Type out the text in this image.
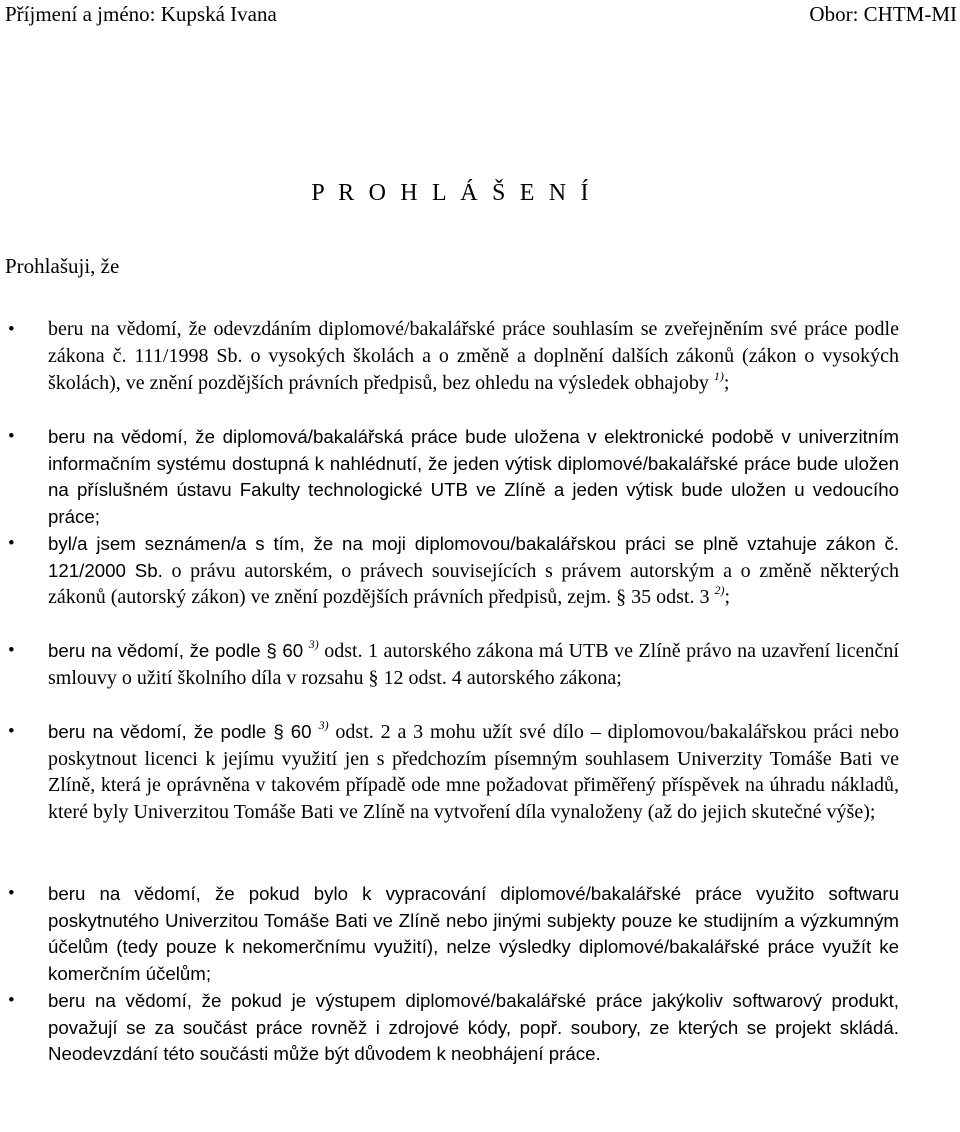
Příjmení a jméno: Kupská Ivana	Obor: CHTM-MI
P R O H L Á Š E N Í
Prohlašuji, že
• beru na vědomí, že odevzdáním diplomové/bakalářské práce souhlasím se zveřejněním své práce podle zákona č. 111/1998 Sb. o vysokých školách a o změně a doplnění dalších zákonů (zákon o vysokých školách), ve znění pozdějších právních předpisů, bez ohledu na výsledek obhajoby $^{1)}$;
• beru na vědomí, že diplomová/bakalářská práce bude uložena v elektronické podobě v univerzitním informačním systému dostupná k nahlédnutí, že jeden výtisk diplomové/bakalářské práce bude uložen na příslušném ústavu Fakulty technologické UTB ve Zlíně a jeden výtisk bude uložen u vedoucího práce;
• byl/a jsem seznámen/a s tím, že na moji diplomovou/bakalářskou práci se plně vztahuje zákon č. 121/2000 Sb. o právu autorském, o právech souvisejících s právem autorským a o změně některých zákonů (autorský zákon) ve znění pozdějších právních předpisů, zejm. § 35 odst. 3 $^{2)}$;
• beru na vědomí, že podle § 60 $^{3)}$ odst. 1 autorského zákona má UTB ve Zlíně právo na uzavření licenční smlouvy o užití školního díla v rozsahu § 12 odst. 4 autorského zákona;
• beru na vědomí, že podle § 60 $^{3)}$ odst. 2 a 3 mohu užít své dílo – diplomovou/bakalářskou práci nebo poskytnout licenci k jejímu využití jen s předchozím písemným souhlasem Univerzity Tomáše Bati ve Zlíně, která je oprávněna v takovém případě ode mne požadovat přiměřený příspěvek na úhradu nákladů, které byly Univerzitou Tomáše Bati ve Zlíně na vytvoření díla vynaloženy (až do jejich skutečné výše);
• beru na vědomí, že pokud bylo k vypracování diplomové/bakalářské práce využito softwaru poskytnutého Univerzitou Tomáše Bati ve Zlíně nebo jinými subjekty pouze ke studijním a výzkumným účelům (tedy pouze k nekomerčnímu využití), nelze výsledky diplomové/bakalářské práce využít ke komerčním účelům;
• beru na vědomí, že pokud je výstupem diplomové/bakalářské práce jakýkoliv softwarový produkt, považují se za součást práce rovněž i zdrojové kódy, popř. soubory, ze kterých se projekt skládá. Neodevzdání této součásti může být důvodem k neobhájení práce.
